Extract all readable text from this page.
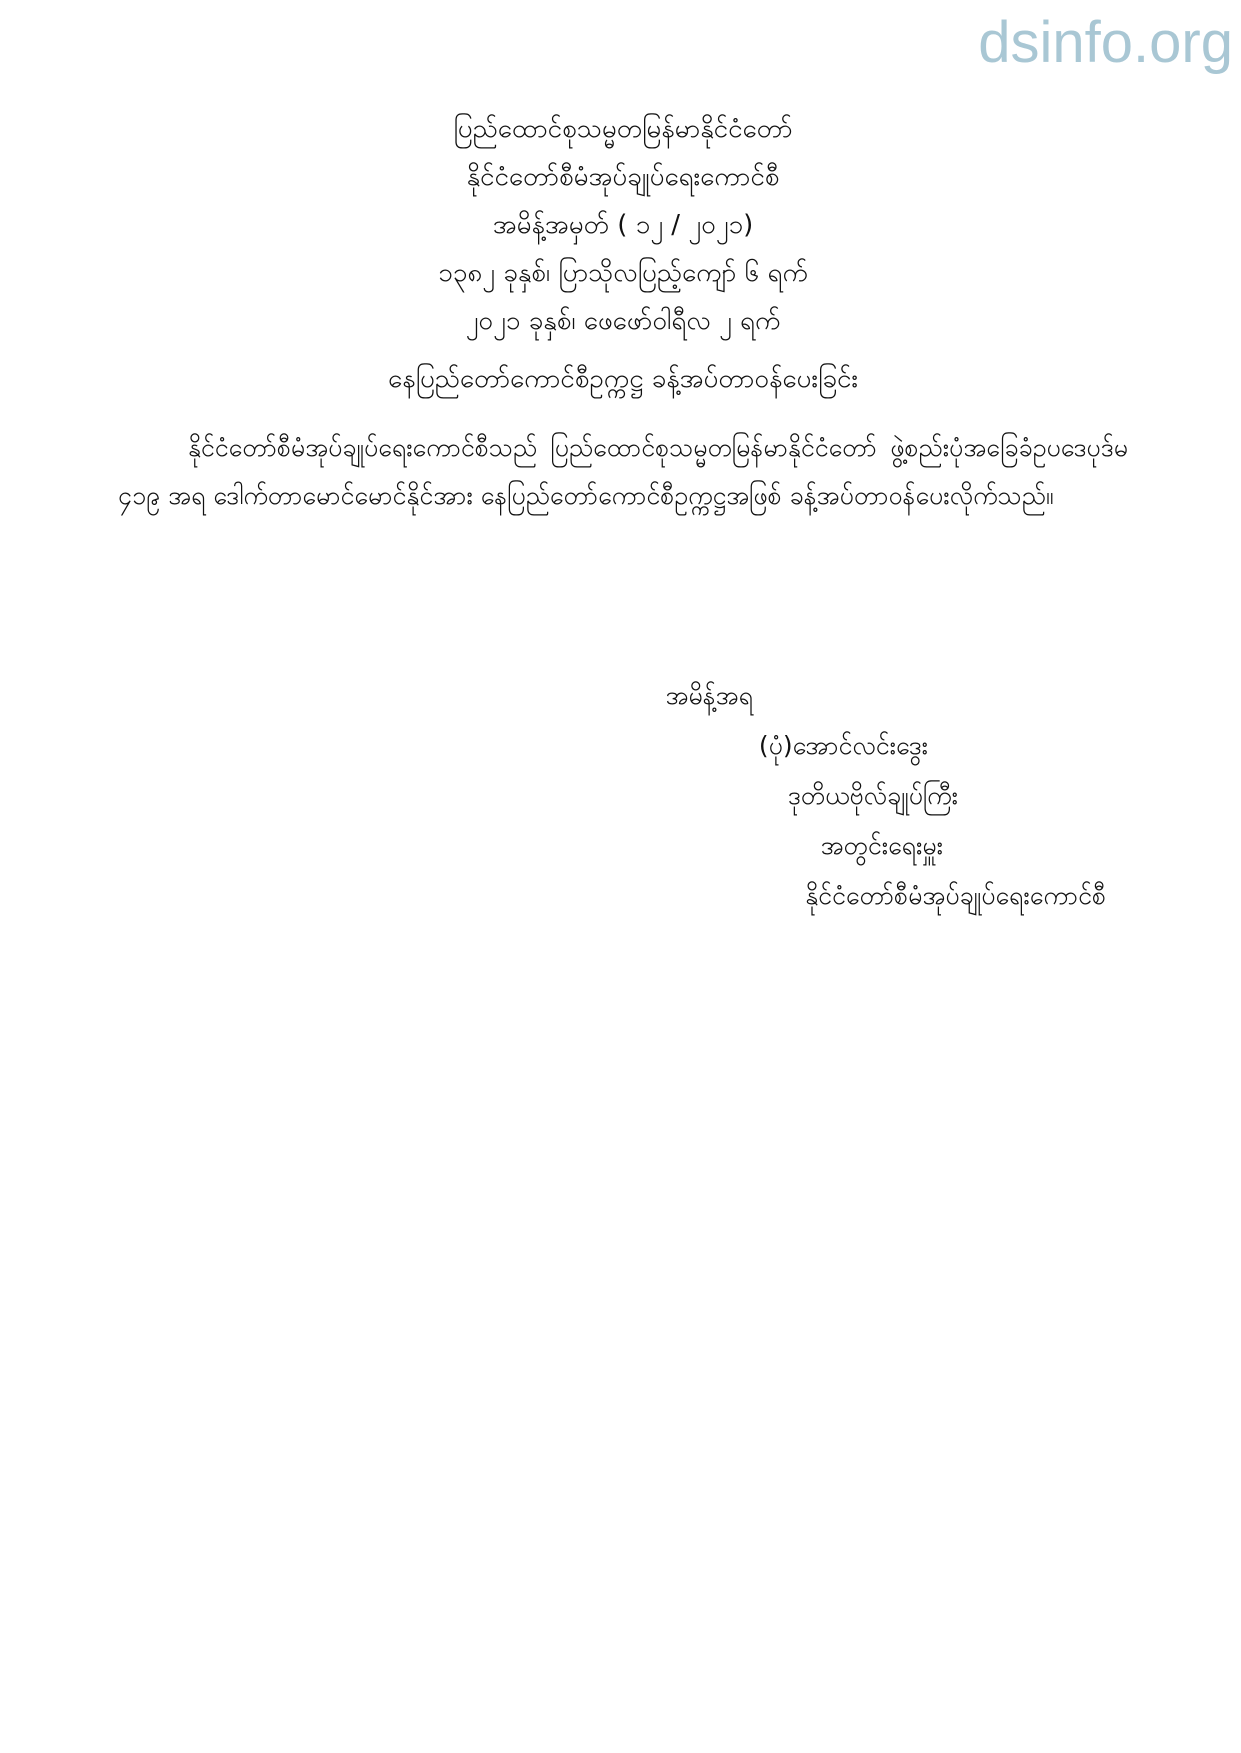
dsinfo.org
ပြည်ထောင်စုသမ္မတမြန်မာနိုင်ငံတော်
နိုင်ငံတော်စီမံအုပ်ချုပ်ရေးကောင်စီ
အမိန့်အမှတ် ( ၁၂ / ၂၀၂၁)
၁၃၈၂ ခုနှစ်၊ ပြာသိုလပြည့်ကျော် ၆ ရက်
၂၀၂၁ ခုနှစ်၊ ဖေဖော်ဝါရီလ ၂ ရက်
နေပြည်တော်ကောင်စီဥက္ကဋ္ဌ ခန့်အပ်တာဝန်ပေးခြင်း
နိုင်ငံတော်စီမံအုပ်ချုပ်ရေးကောင်စီသည် ပြည်ထောင်စုသမ္မတမြန်မာနိုင်ငံတော် ဖွဲ့စည်းပုံအခြေခံဥပဒေပုဒ်မ ၄၁၉ အရ ဒေါက်တာမောင်မောင်နိုင်အား နေပြည်တော်ကောင်စီဥက္ကဋ္ဌအဖြစ် ခန့်အပ်တာဝန်ပေးလိုက်သည်။
အမိန့်အရ
(ပုံ)အောင်လင်းဒွေး
ဒုတိယဗိုလ်ချုပ်ကြီး
အတွင်းရေးမှူး
နိုင်ငံတော်စီမံအုပ်ချုပ်ရေးကောင်စီ
